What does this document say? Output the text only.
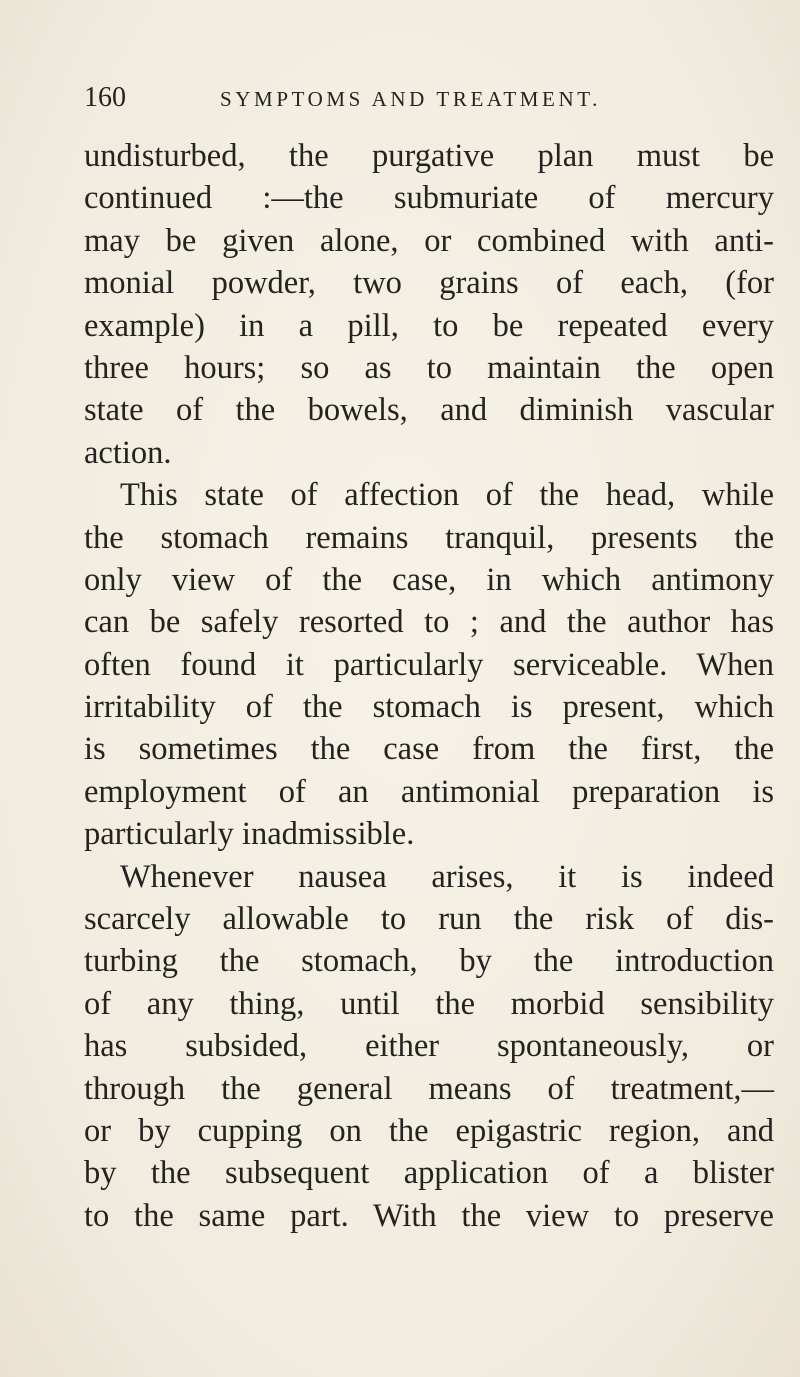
160	SYMPTOMS AND TREATMENT.
undisturbed, the purgative plan must be
continued :—the submuriate of mercury
may be given alone, or combined with anti-
monial powder, two grains of each, (for
example) in a pill, to be repeated every
three hours; so as to maintain the open
state of the bowels, and diminish vascular
action.
This state of affection of the head, while
the stomach remains tranquil, presents the
only view of the case, in which antimony
can be safely resorted to ; and the author has
often found it particularly serviceable. When
irritability of the stomach is present, which
is sometimes the case from the first, the
employment of an antimonial preparation is
particularly inadmissible.
Whenever nausea arises, it is indeed
scarcely allowable to run the risk of dis-
turbing the stomach, by the introduction
of any thing, until the morbid sensibility
has subsided, either spontaneously, or
through the general means of treatment,—
or by cupping on the epigastric region, and
by the subsequent application of a blister
to the same part. With the view to preserve
